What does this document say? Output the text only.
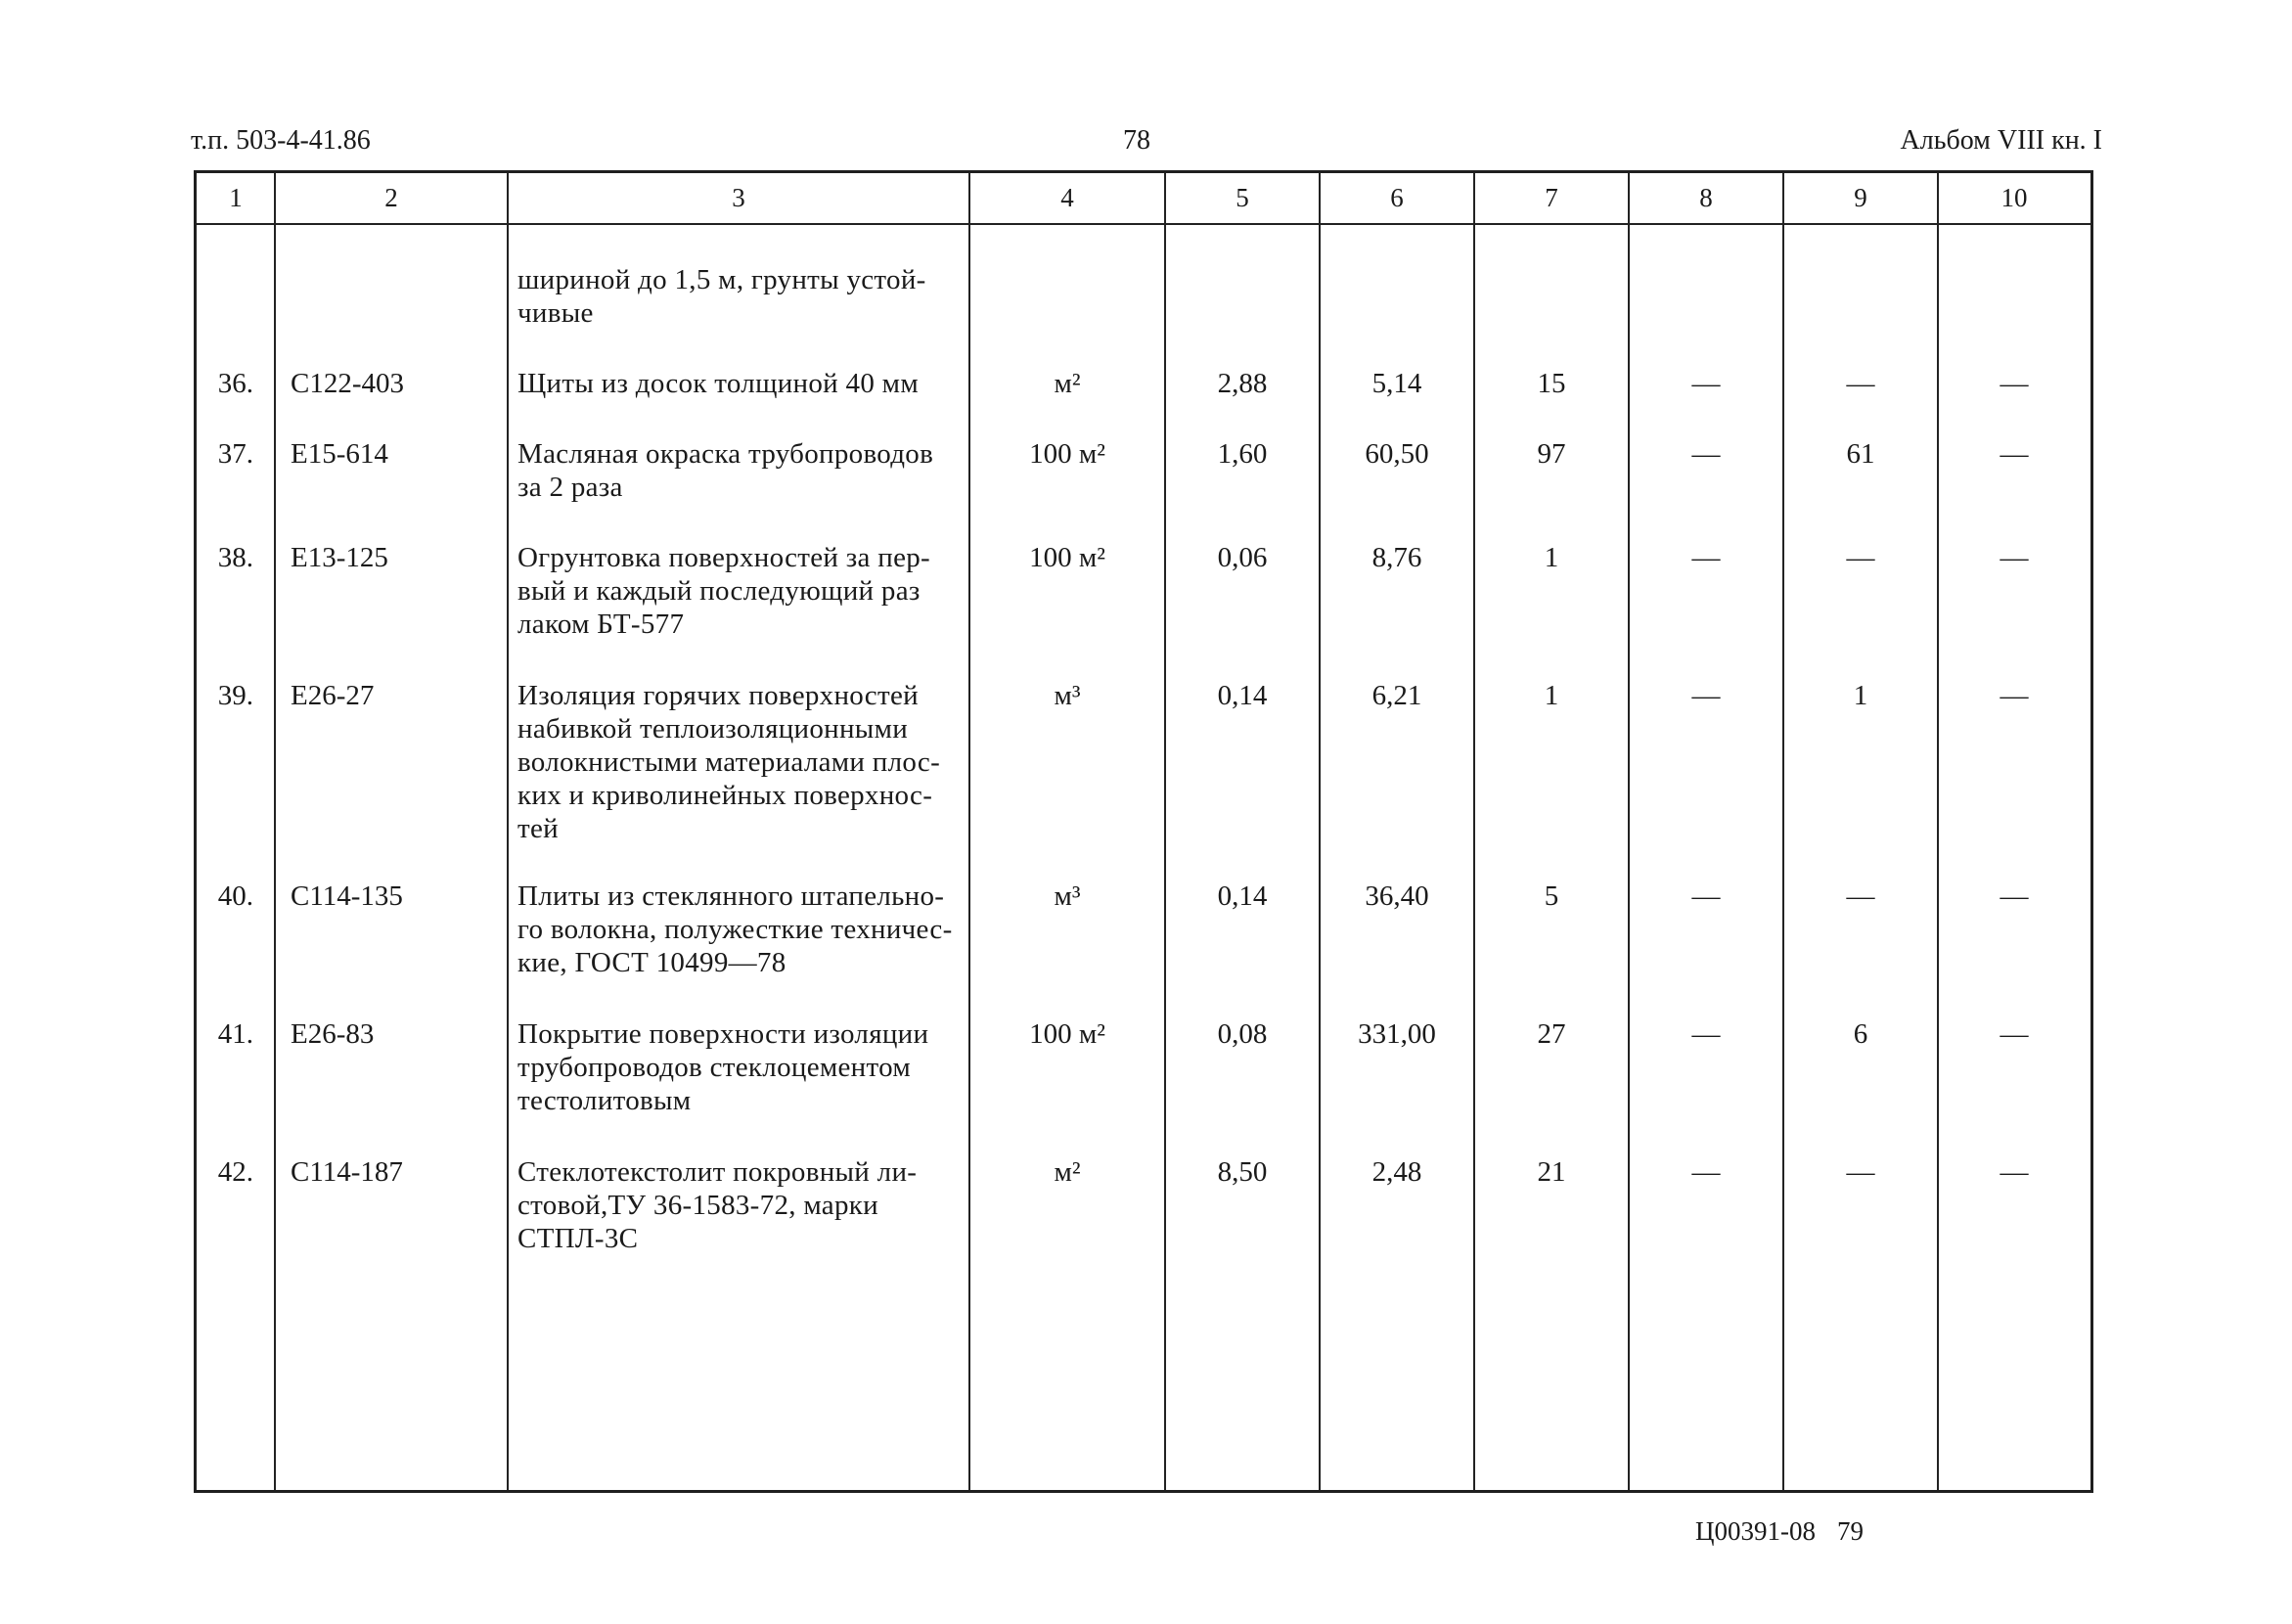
т.п. 503-4-41.86	78	Альбом VIII кн. I
1	2	3	4	5	6	7	8	9	10
шириной до 1,5 м, грунты устой-
чивые
36. С122-403	Щиты из досок толщиной 40 мм	м²	2,88	5,14	15	—	—	—
37. Е15-614	Масляная окраска трубопроводов
за 2 раза
100 м²	1,60	60,50	97	—	61	—
38. Е13-125	Огрунтовка поверхностей за пер-
вый и каждый последующий раз
лаком БТ-577
100 м²	0,06	8,76	1	—	—	—
39. Е26-27	Изоляция горячих поверхностей
набивкой теплоизоляционными
волокнистыми материалами плос-
ких и криволинейных поверхнос-
тей
м³	0,14	6,21	1	—	1	—
40. С114-135	Плиты из стеклянного штапельно-
го волокна, полужесткие техничес-
кие, ГОСТ 10499—78
м³	0,14	36,40	5	—	—	—
41. Е26-83	Покрытие поверхности изоляции
трубопроводов стеклоцементом
тестолитовым
100 м²	0,08	331,00	27	—	6	—
42. С114-187	Стеклотекстолит покровный ли-
стовой,ТУ 36-1583-72, марки
СТПЛ-3С
м²	8,50	2,48	21	—	—	—
Ц00391-08 79
